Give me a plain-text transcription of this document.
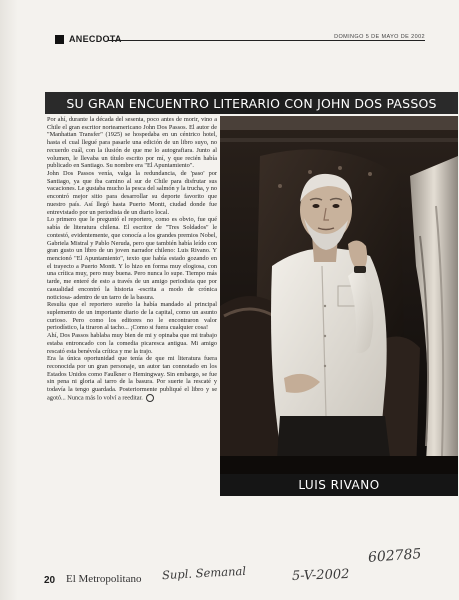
ANECDOTA	DOMINGO 5 DE MAYO DE 2002
SU GRAN ENCUENTRO LITERARIO CON JOHN DOS PASSOS

Por ahí, durante la década del sesenta, poco antes de morir, vino a Chile el gran escritor norteamericano John Dos Passos. El autor de "Manhattan Transfer" (1925) se hospedaba en un céntrico hotel, hasta el cual llegué para pasarle una edición de un libro suyo, no recuerdo cuál, con la ilusión de que me lo autografiara. Junto al volumen, le llevaba un título escrito por mí, y que recién había publicado en Santiago. Su nombre era "El Apuntamiento".

John Dos Passos venía, valga la redundancia, de 'paso' por Santiago, ya que iba camino al sur de Chile para disfrutar sus vacaciones. Le gustaba mucho la pesca del salmón y la trucha, y no encontró mejor sitio para desarrollar su deporte favorito que nuestro país. Así llegó hasta Puerto Montt, ciudad donde fue entrevistado por un periodista de un diario local.

Lo primero que le preguntó el reportero, como es obvio, fue qué sabía de literatura chilena. El escritor de "Tres Soldados" le contestó, evidentemente, que conocía a los grandes premios Nobel, Gabriela Mistral y Pablo Neruda, pero que también había leído con gran gusto un libro de un joven narrador chileno: Luis Rivano. Y mencionó "El Apuntamiento", texto que había estado gozando en el trayecto a Puerto Montt. Y lo hizo en forma muy elogiosa, con una crítica muy, pero muy buena. Pero nunca lo supe. Tiempo más tarde, me enteré de esto a través de un amigo periodista que por casualidad encontró la historia -escrita a modo de crónica noticiosa- adentro de un tarro de la basura.

Resulta que el reportero sureño la había mandado al principal suplemento de un importante diario de la capital, como un asunto curioso. Pero como los editores no le encontraron valor periodístico, la tiraron al tacho... ¡Como si fuera cualquier cosa!

Ahí, Dos Passos hablaba muy bien de mi y opinaba que mi trabajo estaba entroncado con la comedia picaresca antigua. Mi amigo rescató esta benévola crítica y me la trajo.

Era la única oportunidad que tenía de que mi literatura fuera reconocida por un gran personaje, un autor tan connotado en los Estados Unidos como Faulkner o Hemingway. Sin embargo, se fue sin pena ni gloria al tarro de la basura. Por suerte la rescaté y todavía la tengo guardada. Posteriormente publiqué el libro y se agotó... Nunca más lo volví a reeditar.

LUIS RIVANO
20 El Metropolitano Supl. Semanal	5-V-2002
602785
